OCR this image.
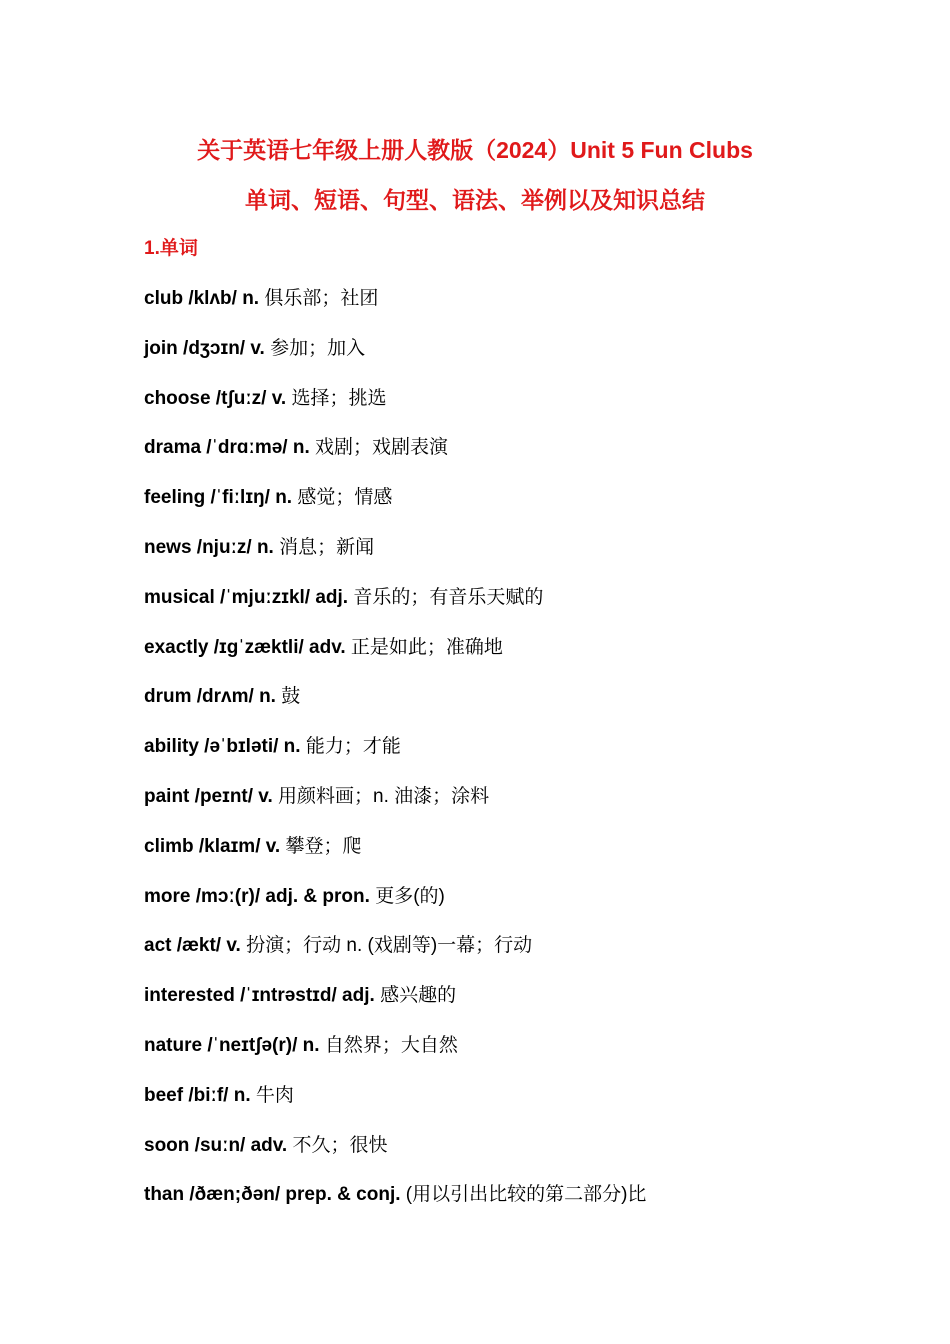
关于英语七年级上册人教版（2024）Unit 5 Fun Clubs
单词、短语、句型、语法、举例以及知识总结
1.单词
club /klʌb/ n. 俱乐部；社团
join /dʒɔɪn/ v. 参加；加入
choose /tʃuːz/ v. 选择；挑选
drama /ˈdrɑːmə/ n. 戏剧；戏剧表演
feeling /ˈfiːlɪŋ/ n. 感觉；情感
news /njuːz/ n. 消息；新闻
musical /ˈmjuːzɪkl/ adj. 音乐的；有音乐天赋的
exactly /ɪɡˈzæktli/ adv. 正是如此；准确地
drum /drʌm/ n. 鼓
ability /əˈbɪləti/ n. 能力；才能
paint /peɪnt/ v. 用颜料画；n. 油漆；涂料
climb /klaɪm/ v. 攀登；爬
more /mɔː(r)/ adj. & pron. 更多(的)
act /ækt/ v. 扮演；行动 n. (戏剧等)一幕；行动
interested /ˈɪntrəstɪd/ adj. 感兴趣的
nature /ˈneɪtʃə(r)/ n. 自然界；大自然
beef /biːf/ n. 牛肉
soon /suːn/ adv. 不久；很快
than /ðæn;ðən/ prep. & conj. (用以引出比较的第二部分)比
